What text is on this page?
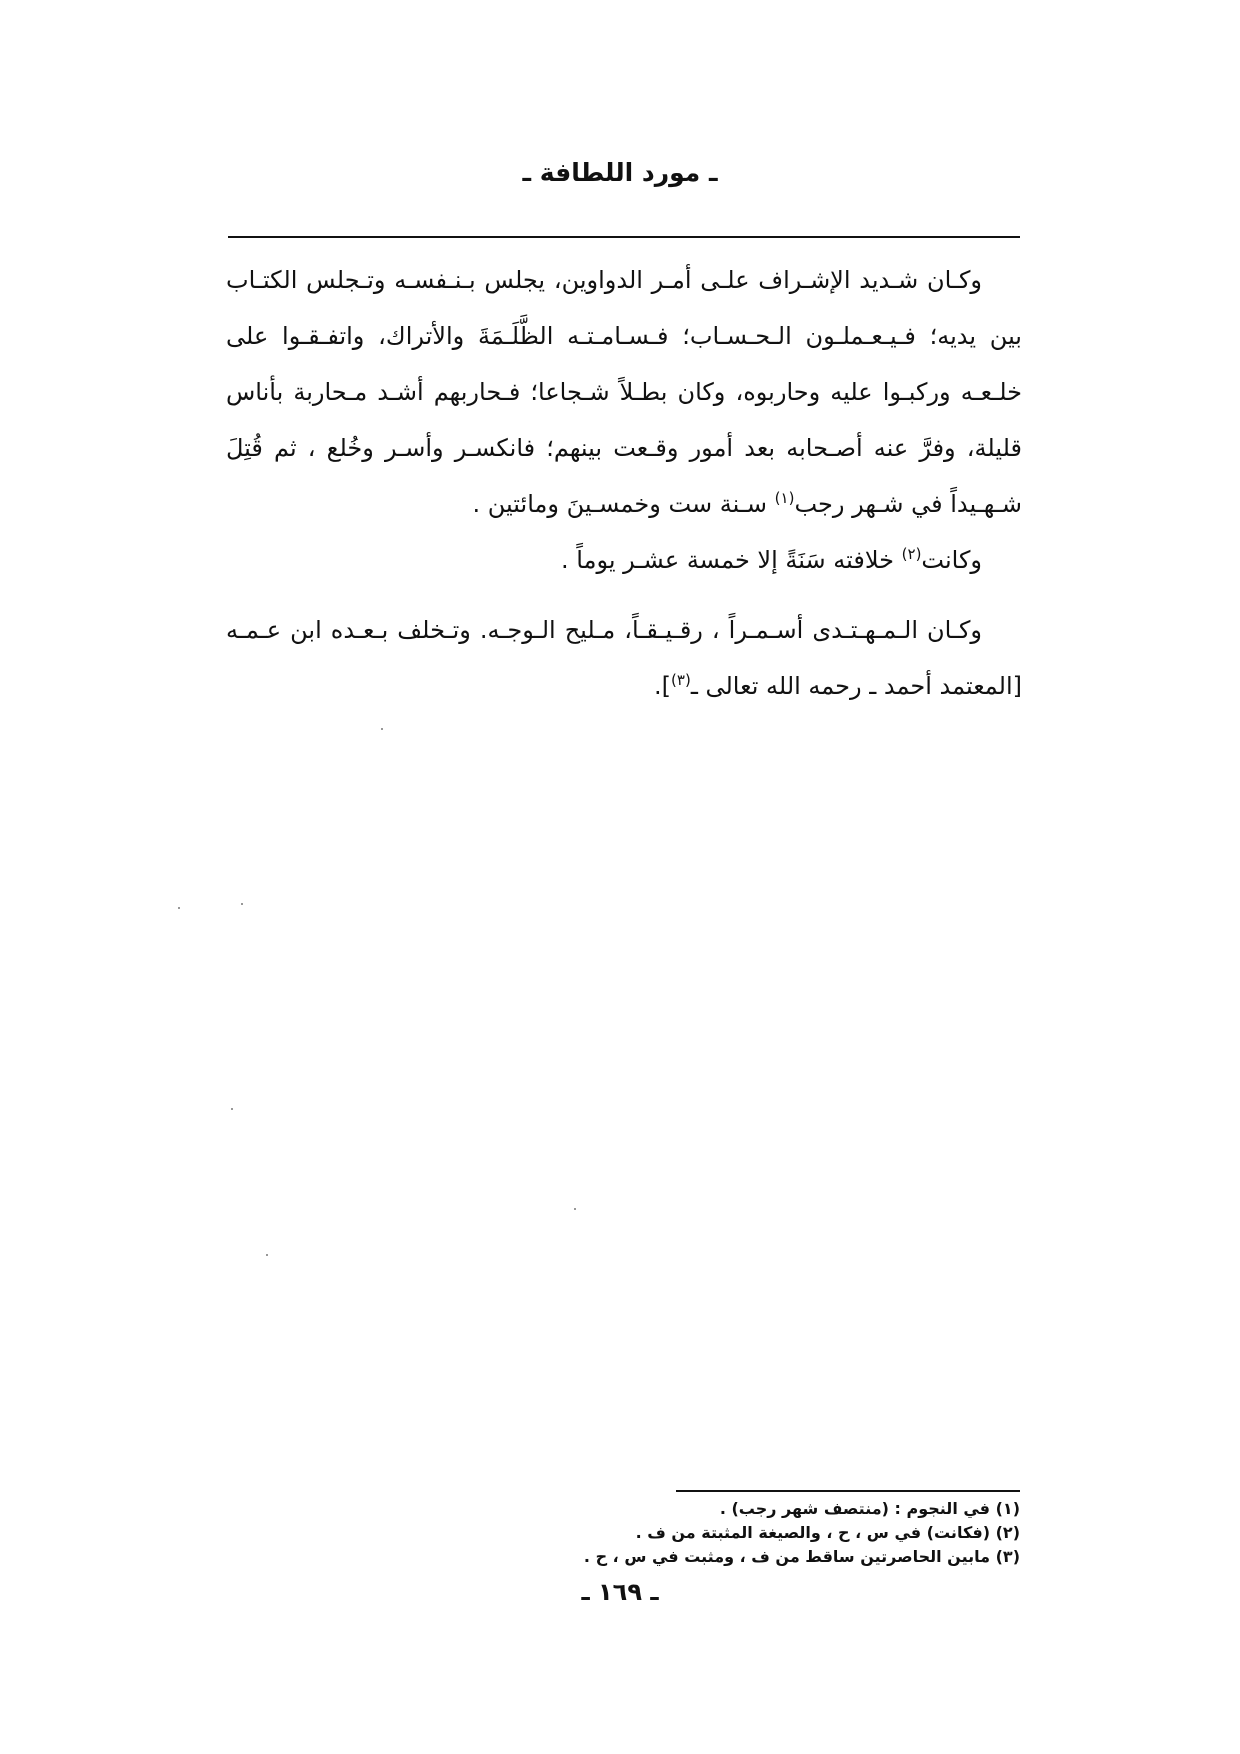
ـ مورد اللطافة ـ

وكـان شـديد الإشـراف علـى أمـر الدواوين، يجلس بـنـفسـه وتـجلس الكتـاب بين يديه؛ فـيـعـملـون الـحـسـاب؛ فـسـامـتـه الظَّلَـمَةَ والأتراك، واتفـقـوا على خلـعـه وركبـوا عليه وحاربوه، وكان بطـلاً شـجاعا؛ فـحاربهم أشـد مـحاربة بأناس قليلة، وفرَّ عنه أصـحابه بعد أمور وقـعت بينهم؛ فانكسـر وأسـر وخُلع ، ثم قُتِلَ شـهـيداً في شـهر رجب$^{(١)}$ سـنة ست وخمسـينَ ومائتين .

وكانت$^{(٢)}$ خلافته سَنَةً إلا خمسة عشـر يوماً .

وكـان الـمـهـتـدى أسـمـراً ، رقـيـقـاً، مـليح الـوجـه. وتـخلف بـعـده ابن عـمـه [المعتمد أحمد ـ رحمه الله تعالى ـ$^{(٣)}$].

(١) في النجوم : (منتصف شهر رجب) .
(٢) (فكانت) في س ، ح ، والصيغة المثبتة من ف .
(٣) مابين الحاصرتين ساقط من ف ، ومثبت في س ، ح .
ـ ١٦٩ ـ
